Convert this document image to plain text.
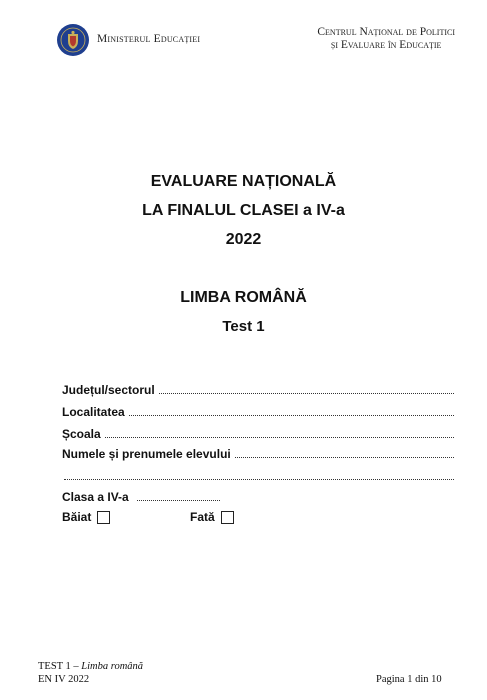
Ministerul Educației
Centrul Național de Politici
și Evaluare în Educație
EVALUARE NAȚIONALĂ
LA FINALUL CLASEI a IV-a
2022
LIMBA ROMÂNĂ
Test 1
Județul/sectorul
Localitatea
Școala
Numele și prenumele elevului
Clasa a IV-a
Băiat	Fată
TEST 1 – Limba română
EN IV 2022	Pagina 1 din 10
